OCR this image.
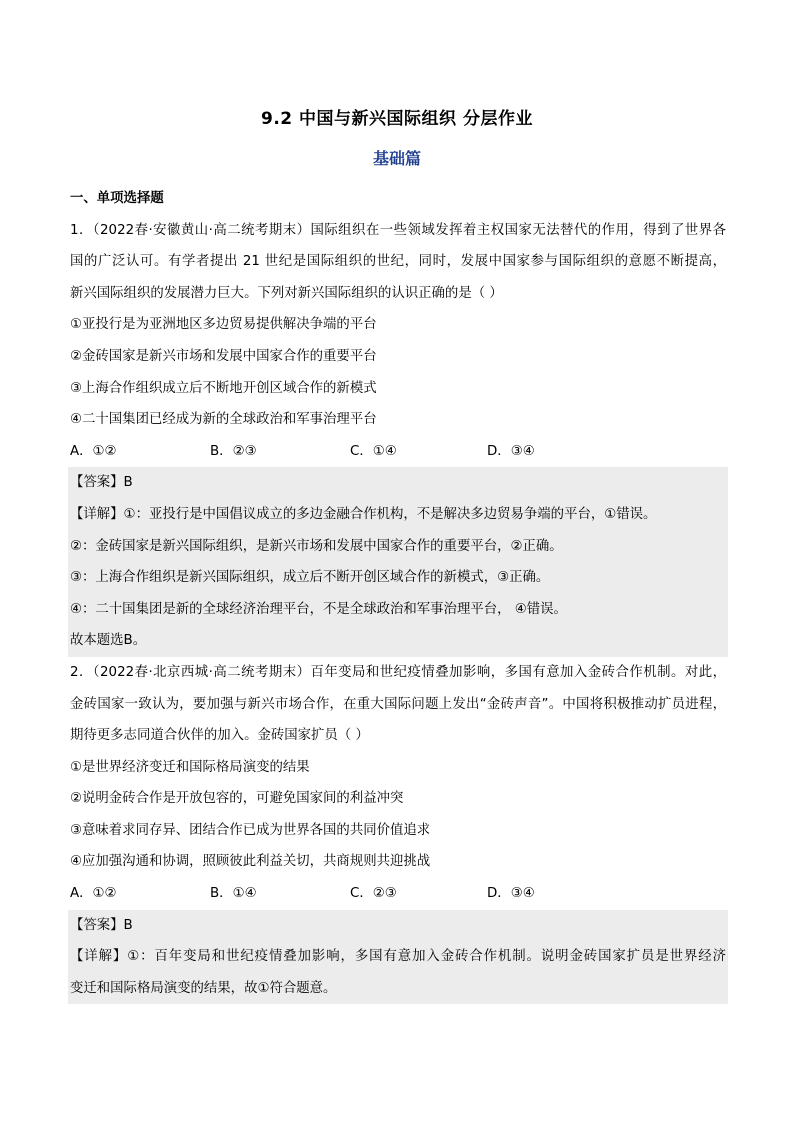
9.2 中国与新兴国际组织 分层作业
基础篇
一、单项选择题
1．（2022春·安徽黄山·高二统考期末）国际组织在一些领域发挥着主权国家无法替代的作用，得到了世界各
国的广泛认可。有学者提出 21 世纪是国际组织的世纪，同时，发展中国家参与国际组织的意愿不断提高，
新兴国际组织的发展潜力巨大。下列对新兴国际组织的认识正确的是（ ）
①亚投行是为亚洲地区多边贸易提供解决争端的平台
②金砖国家是新兴市场和发展中国家合作的重要平台
③上海合作组织成立后不断地开创区域合作的新模式
④二十国集团已经成为新的全球政治和军事治理平台
A．①②	B．②③	C．①④	D．③④
【答案】B
【详解】①：亚投行是中国倡议成立的多边金融合作机构，不是解决多边贸易争端的平台，①错误。
②：金砖国家是新兴国际组织，是新兴市场和发展中国家合作的重要平台，②正确。
③：上海合作组织是新兴国际组织，成立后不断开创区域合作的新模式，③正确。
④：二十国集团是新的全球经济治理平台，不是全球政治和军事治理平台， ④错误。
故本题选B。
2．（2022春·北京西城·高二统考期末）百年变局和世纪疫情叠加影响，多国有意加入金砖合作机制。对此，
金砖国家一致认为，要加强与新兴市场合作，在重大国际问题上发出“金砖声音”。中国将积极推动扩员进程，
期待更多志同道合伙伴的加入。金砖国家扩员（ ）
①是世界经济变迁和国际格局演变的结果
②说明金砖合作是开放包容的，可避免国家间的利益冲突
③意味着求同存异、团结合作已成为世界各国的共同价值追求
④应加强沟通和协调，照顾彼此利益关切，共商规则共迎挑战
A．①②	B．①④	C．②③	D．③④
【答案】B
【详解】①：百年变局和世纪疫情叠加影响，多国有意加入金砖合作机制。说明金砖国家扩员是世界经济
变迁和国际格局演变的结果，故①符合题意。
